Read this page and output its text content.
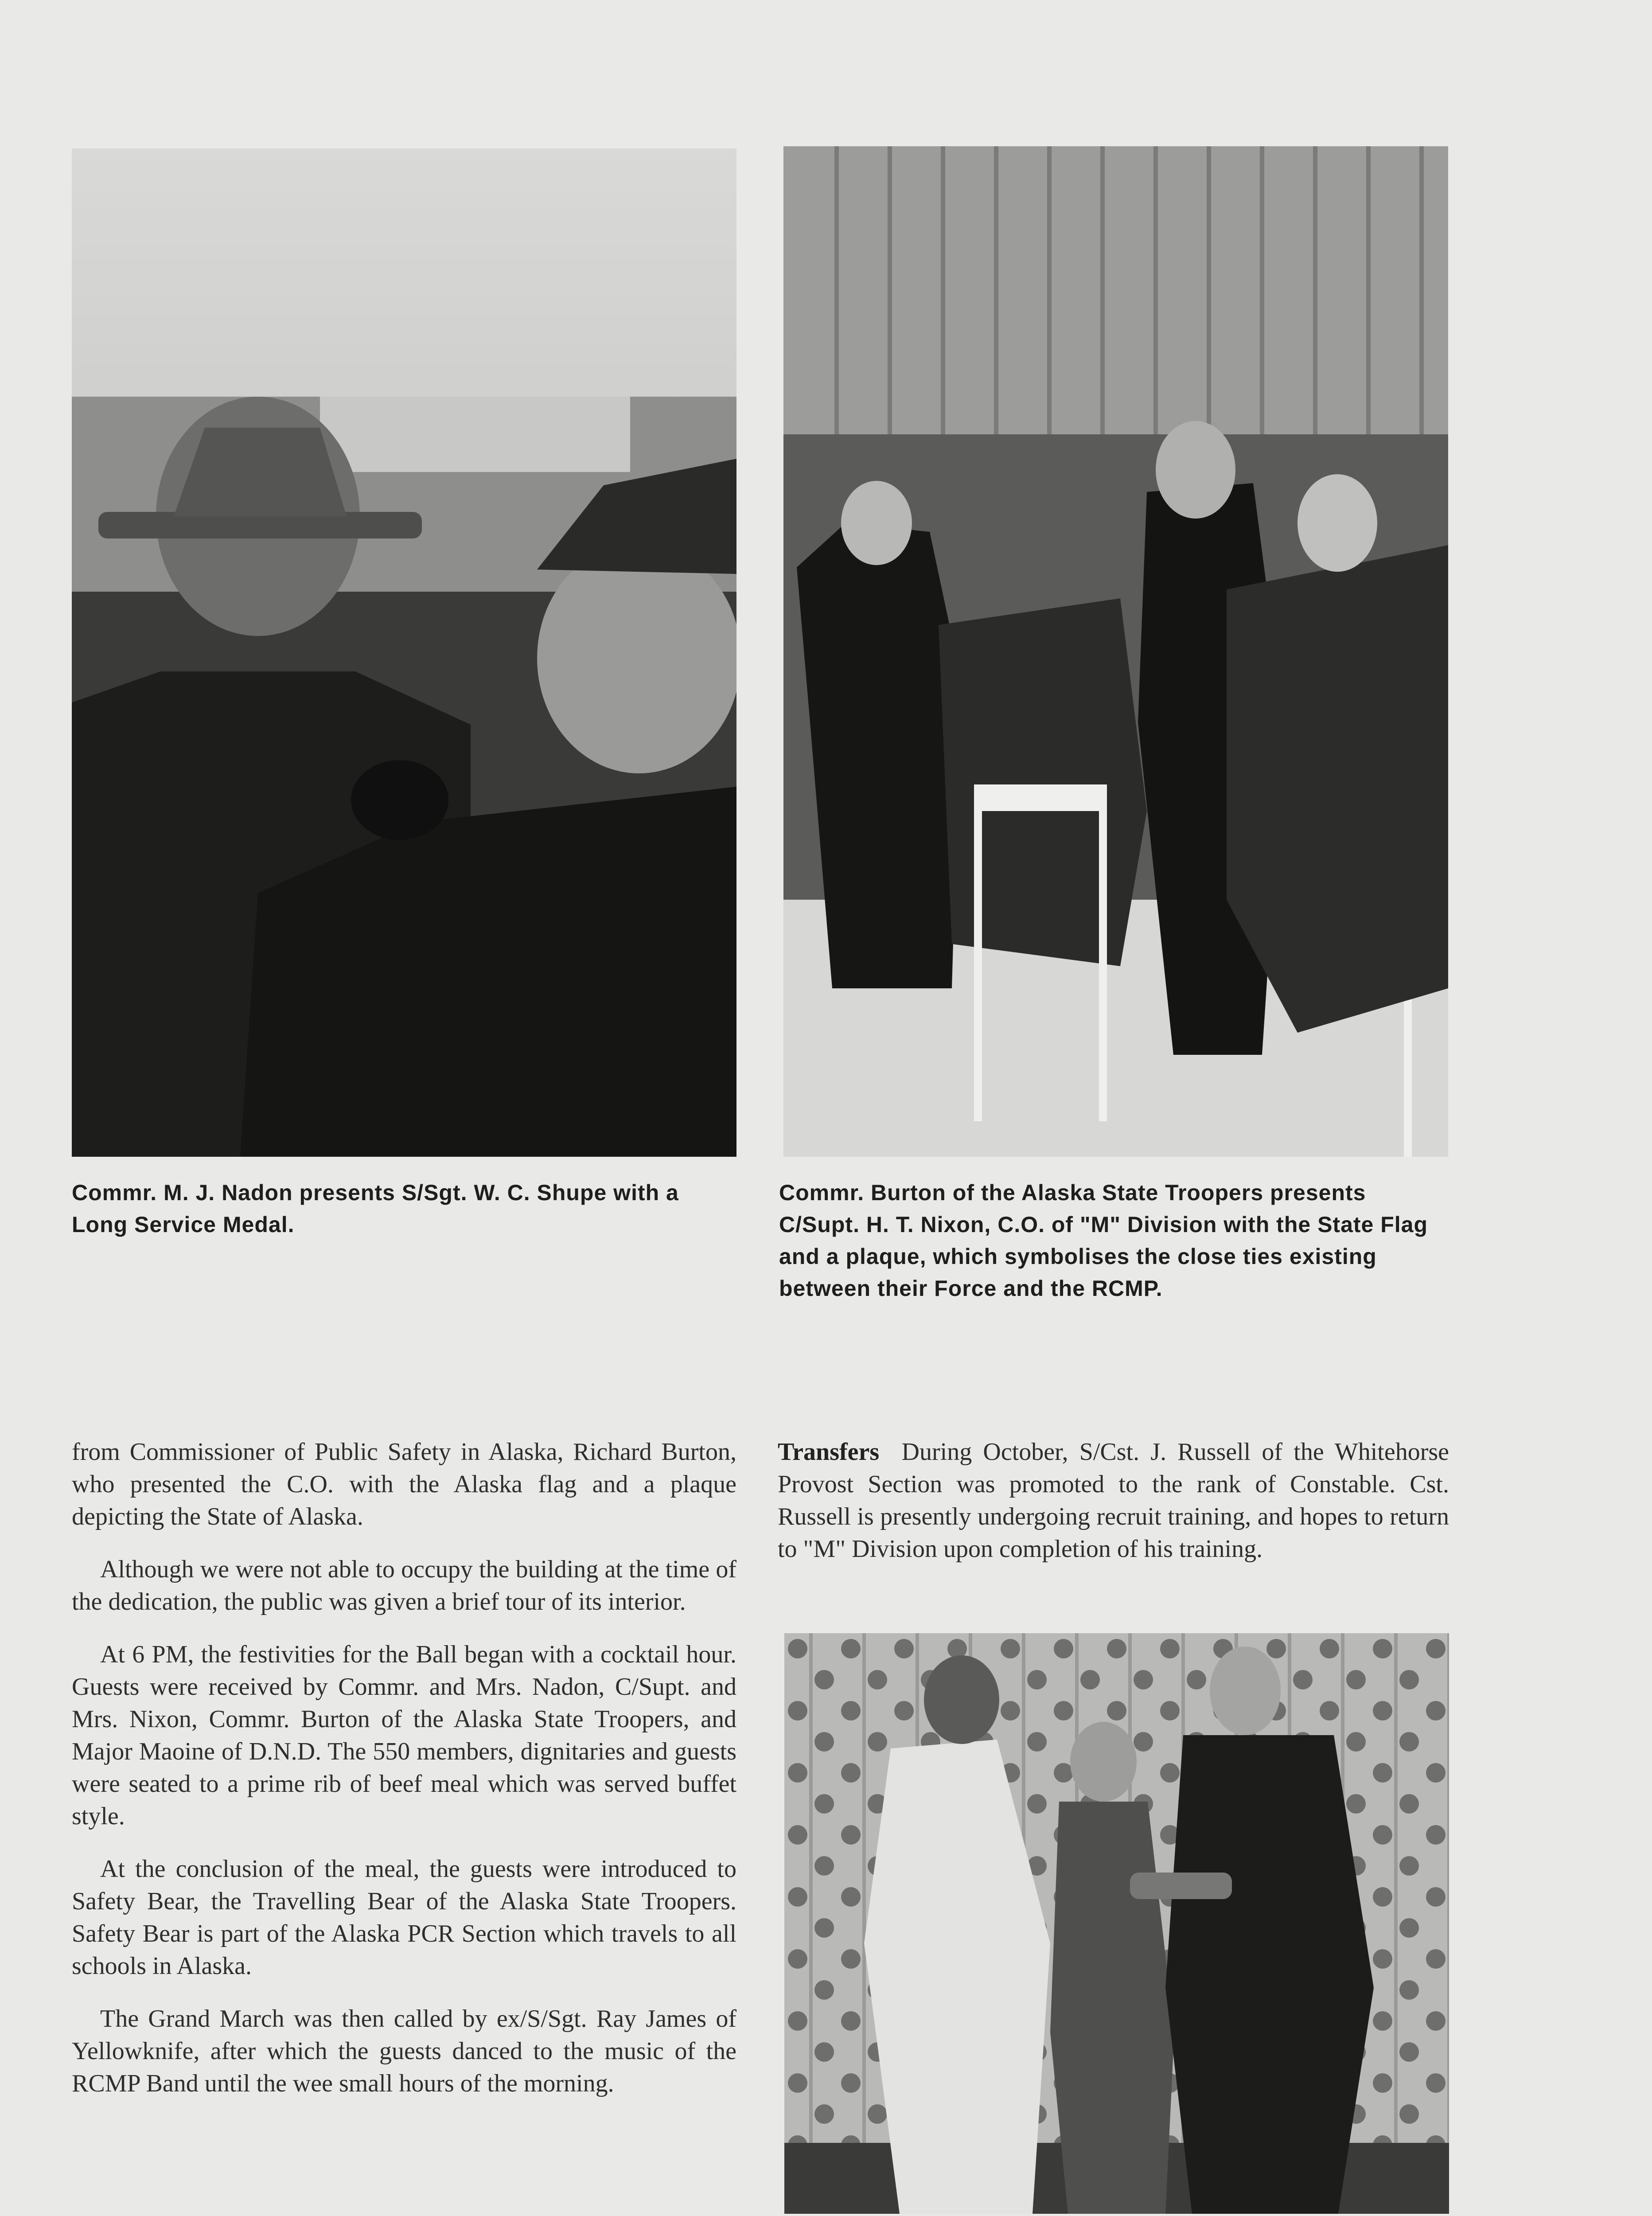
Commr. M. J. Nadon presents S/Sgt. W. C. Shupe with a Long Service Medal.
Commr. Burton of the Alaska State Troopers presents C/Supt. H. T. Nixon, C.O. of "M" Division with the State Flag and a plaque, which symbolises the close ties existing between their Force and the RCMP.

from Commissioner of Public Safety in Alaska, Richard Burton, who presented the C.O. with the Alaska flag and a plaque depicting the State of Alaska.

Although we were not able to occupy the building at the time of the dedication, the public was given a brief tour of its interior.

At 6 PM, the festivities for the Ball began with a cocktail hour. Guests were received by Commr. and Mrs. Nadon, C/Supt. and Mrs. Nixon, Commr. Burton of the Alaska State Troopers, and Major Maoine of D.N.D. The 550 members, dignitaries and guests were seated to a prime rib of beef meal which was served buffet style.

At the conclusion of the meal, the guests were introduced to Safety Bear, the Travelling Bear of the Alaska State Troopers. Safety Bear is part of the Alaska PCR Section which travels to all schools in Alaska.

The Grand March was then called by ex/S/Sgt. Ray James of Yellowknife, after which the guests danced to the music of the RCMP Band until the wee small hours of the morning.

Transfers During October, S/Cst. J. Russell of the Whitehorse Provost Section was promoted to the rank of Constable. Cst. Russell is presently undergoing recruit training, and hopes to return to "M" Division upon completion of his training.
